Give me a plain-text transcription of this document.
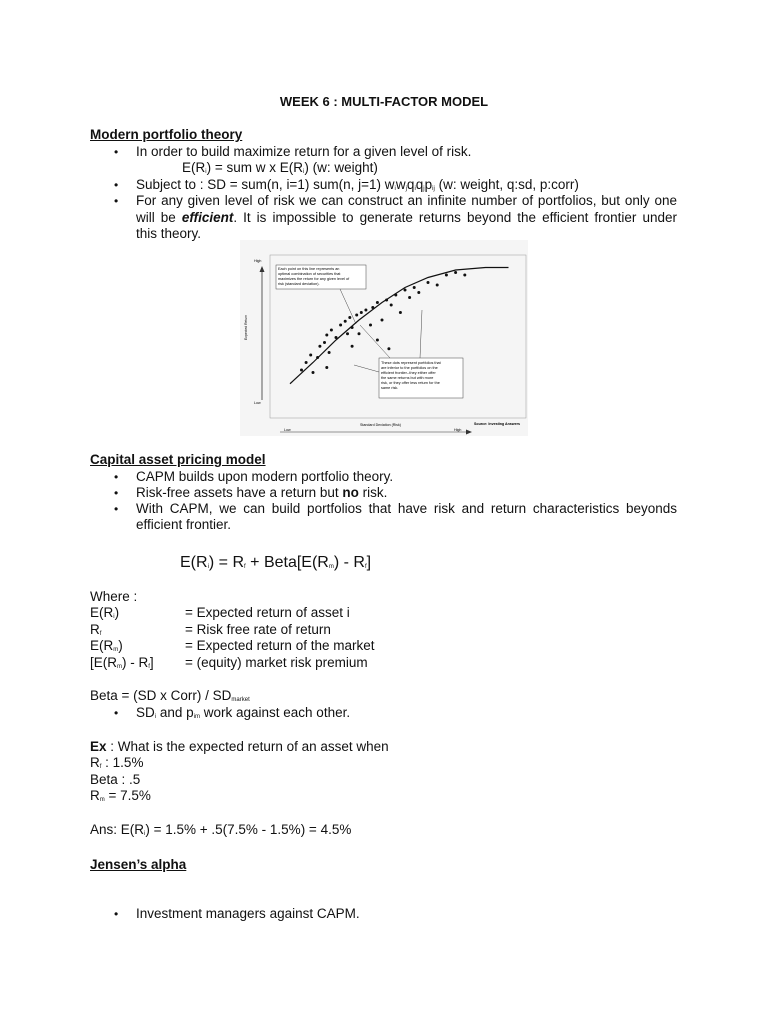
WEEK 6 : MULTI-FACTOR MODEL
Modern portfolio theory
• In order to build maximize return for a given level of risk.
$E(R_i)$ = sum w x $E(R_i)$ (w: weight)
• Subject to : SD = sum(n, i=1) sum(n, j=1) $w_iw_jq_iq_jp_{ij}$ (w: weight, q:sd, p:corr)
• For any given level of risk we can construct an infinite number of portfolios, but only one
will be efficient. It is impossible to generate returns beyond the efficient frontier under
this theory.
High
Low
Expected Return
Standard Deviation (Risk)
Low	High
Source: Investing Answers
Each point on this line represents an optimal combination of securities that maximizes the return for any given level of risk (standard deviation).
These dots represent portfolios that are inferior to the portfolios on the efficient frontier--they either offer the same returns but with more risk, or they offer less return for the same risk.
Capital asset pricing model
• CAPM builds upon modern portfolio theory.
• Risk-free assets have a return but no risk.
• With CAPM, we can build portfolios that have risk and return characteristics beyonds
efficient frontier.
$E(R_i) = R_f$ + $Beta[E(R_m) - R_f]$
Where :
$E(R_i)$	= Expected return of asset i
$R_f$	= Risk free rate of return
$E(R_m)$	= Expected return of the market
$[E(R_m) - R_f]$ = (equity) market risk premium
Beta = (SD x Corr) / $SD_{market}$
• $SD_i$ and $p_{im}$ work against each other.
Ex : What is the expected return of an asset when
$R_f$ : 1.5%
Beta : .5
$R_m = 7.5\%$
Ans: $E(R_i) = 1.5\% + .5(7.5\% - 1.5\%) = 4.5\%$
Jensen’s alpha
• Investment managers against CAPM.
